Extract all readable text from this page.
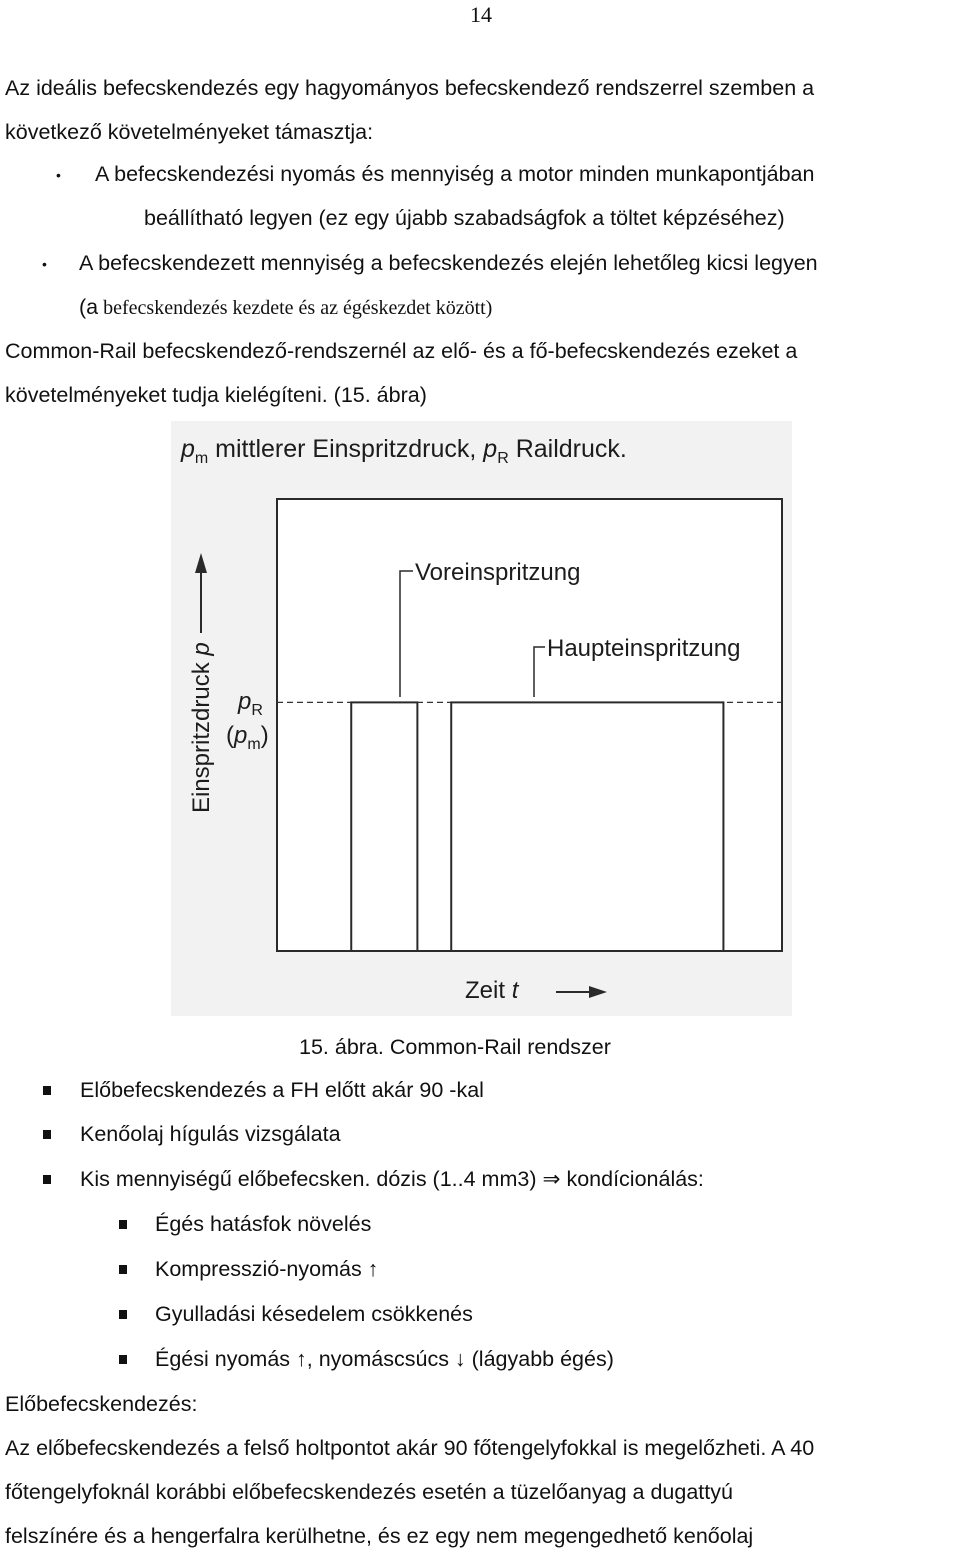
14
Az ideális befecskendezés egy hagyományos befecskendező rendszerrel szemben a
következő követelményeket támasztja:
• A befecskendezési nyomás és mennyiség a motor minden munkapontjában
beállítható legyen (ez egy újabb szabadságfok a töltet képzéséhez)
• A befecskendezett mennyiség a befecskendezés elején lehetőleg kicsi legyen
(a befecskendezés kezdete és az égéskezdet között)
Common-Rail befecskendező-rendszernél az elő- és a fő-befecskendezés ezeket a
követelményeket tudja kielégíteni. (15. ábra)
$p_m$ mittlerer Einspritzdruck, $p_R$ Raildruck.
Voreinspritzung
Haupteinspritzung
$p_R$
$(p_m)$
Einspritzdruck p
Zeit t
15. ábra. Common-Rail rendszer
Előbefecskendezés a FH előtt akár 90 -kal
Kenőolaj hígulás vizsgálata
Kis mennyiségű előbefecsken. dózis (1..4 mm3) ⇒ kondícionálás:
Égés hatásfok növelés
Kompresszió-nyomás ↑
Gyulladási késedelem csökkenés
Égési nyomás ↑, nyomáscsúcs ↓ (lágyabb égés)
Előbefecskendezés:
Az előbefecskendezés a felső holtpontot akár 90 főtengelyfokkal is megelőzheti. A 40
főtengelyfoknál korábbi előbefecskendezés esetén a tüzelőanyag a dugattyú
felszínére és a hengerfalra kerülhetne, és ez egy nem megengedhető kenőolaj
